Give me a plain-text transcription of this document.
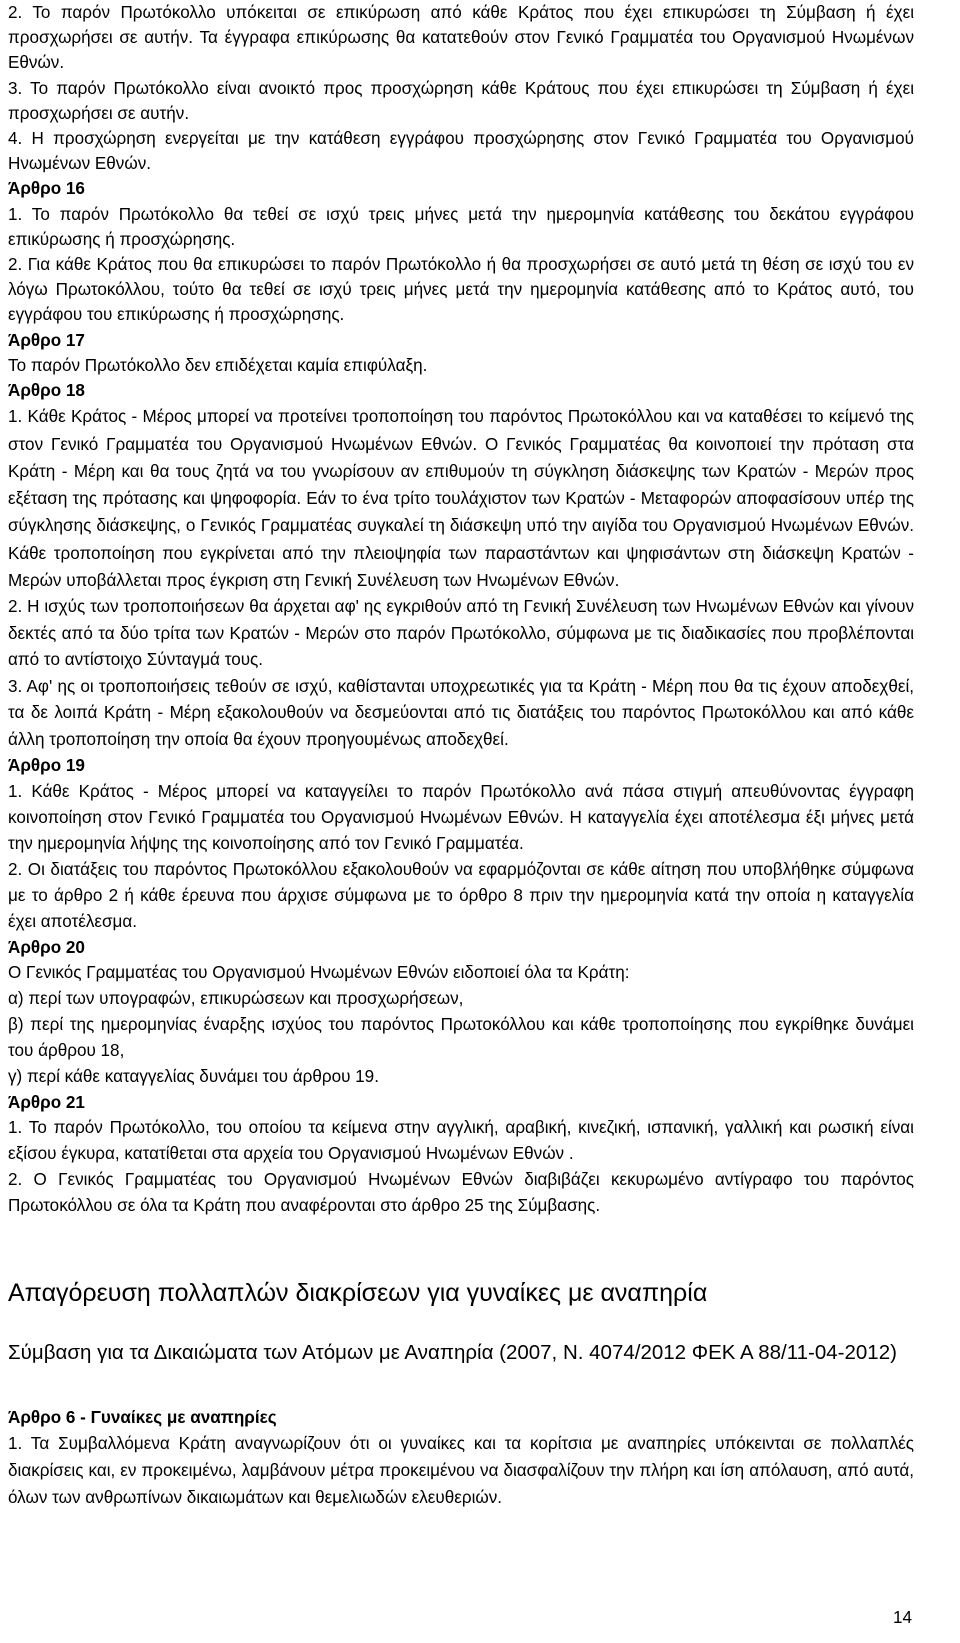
2. Το παρόν Πρωτόκολλο υπόκειται σε επικύρωση από κάθε Κράτος που έχει επικυρώσει τη Σύμβαση ή έχει προσχωρήσει σε αυτήν. Τα έγγραφα επικύρωσης θα κατατεθούν στον Γενικό Γραμματέα του Οργανισμού Ηνωμένων Εθνών.

3. Το παρόν Πρωτόκολλο είναι ανοικτό προς προσχώρηση κάθε Κράτους που έχει επικυρώσει τη Σύμβαση ή έχει προσχωρήσει σε αυτήν.

4. Η προσχώρηση ενεργείται με την κατάθεση εγγράφου προσχώρησης στον Γενικό Γραμματέα του Οργανισμού Ηνωμένων Εθνών.

Άρθρο 16

1. Το παρόν Πρωτόκολλο θα τεθεί σε ισχύ τρεις μήνες μετά την ημερομηνία κατάθεσης του δεκάτου εγγράφου επικύρωσης ή προσχώρησης.

2. Για κάθε Κράτος που θα επικυρώσει το παρόν Πρωτόκολλο ή θα προσχωρήσει σε αυτό μετά τη θέση σε ισχύ του εν λόγω Πρωτοκόλλου, τούτο θα τεθεί σε ισχύ τρεις μήνες μετά την ημερομηνία κατάθεσης από το Κράτος αυτό, του εγγράφου του επικύρωσης ή προσχώρησης.

Άρθρο 17

Το παρόν Πρωτόκολλο δεν επιδέχεται καμία επιφύλαξη.

Άρθρο 18

1. Κάθε Κράτος - Μέρος μπορεί να προτείνει τροποποίηση του παρόντος Πρωτοκόλλου και να καταθέσει το κείμενό της στον Γενικό Γραμματέα του Οργανισμού Ηνωμένων Εθνών. Ο Γενικός Γραμματέας θα κοινοποιεί την πρόταση στα Κράτη - Μέρη και θα τους ζητά να του γνωρίσουν αν επιθυμούν τη σύγκληση διάσκεψης των Κρατών - Μερών προς εξέταση της πρότασης και ψηφοφορία. Εάν το ένα τρίτο τουλάχιστον των Κρατών - Μεταφορών αποφασίσουν υπέρ της σύγκλησης διάσκεψης, ο Γενικός Γραμματέας συγκαλεί τη διάσκεψη υπό την αιγίδα του Οργανισμού Ηνωμένων Εθνών. Κάθε τροποποίηση που εγκρίνεται από την πλειοψηφία των παραστάντων και ψηφισάντων στη διάσκεψη Κρατών - Μερών υποβάλλεται προς έγκριση στη Γενική Συνέλευση των Ηνωμένων Εθνών.

2. Η ισχύς των τροποποιήσεων θα άρχεται αφ' ης εγκριθούν από τη Γενική Συνέλευση των Ηνωμένων Εθνών και γίνουν δεκτές από τα δύο τρίτα των Κρατών - Μερών στο παρόν Πρωτόκολλο, σύμφωνα με τις διαδικασίες που προβλέπονται από το αντίστοιχο Σύνταγμά τους.

3. Αφ' ης οι τροποποιήσεις τεθούν σε ισχύ, καθίστανται υποχρεωτικές για τα Κράτη - Μέρη που θα τις έχουν αποδεχθεί, τα δε λοιπά Κράτη - Μέρη εξακολουθούν να δεσμεύονται από τις διατάξεις του παρόντος Πρωτοκόλλου και από κάθε άλλη τροποποίηση την οποία θα έχουν προηγουμένως αποδεχθεί.

Άρθρο 19

1. Κάθε Κράτος - Μέρος μπορεί να καταγγείλει το παρόν Πρωτόκολλο ανά πάσα στιγμή απευθύνοντας έγγραφη κοινοποίηση στον Γενικό Γραμματέα του Οργανισμού Ηνωμένων Εθνών. Η καταγγελία έχει αποτέλεσμα έξι μήνες μετά την ημερομηνία λήψης της κοινοποίησης από τον Γενικό Γραμματέα.

2. Οι διατάξεις του παρόντος Πρωτοκόλλου εξακολουθούν να εφαρμόζονται σε κάθε αίτηση που υποβλήθηκε σύμφωνα με το άρθρο 2 ή κάθε έρευνα που άρχισε σύμφωνα με το όρθρο 8 πριν την ημερομηνία κατά την οποία η καταγγελία έχει αποτέλεσμα.

Άρθρο 20

Ο Γενικός Γραμματέας του Οργανισμού Ηνωμένων Εθνών ειδοποιεί όλα τα Κράτη:

α) περί των υπογραφών, επικυρώσεων και προσχωρήσεων,

β) περί της ημερομηνίας έναρξης ισχύος του παρόντος Πρωτοκόλλου και κάθε τροποποίησης που εγκρίθηκε δυνάμει του άρθρου 18,

γ) περί κάθε καταγγελίας δυνάμει του άρθρου 19.

Άρθρο 21

1. Το παρόν Πρωτόκολλο, του οποίου τα κείμενα στην αγγλική, αραβική, κινεζική, ισπανική, γαλλική και ρωσική είναι εξίσου έγκυρα, κατατίθεται στα αρχεία του Οργανισμού Ηνωμένων Εθνών .

2. Ο Γενικός Γραμματέας του Οργανισμού Ηνωμένων Εθνών διαβιβάζει κεκυρωμένο αντίγραφο του παρόντος Πρωτοκόλλου σε όλα τα Κράτη που αναφέρονται στο άρθρο 25 της Σύμβασης.

Απαγόρευση πολλαπλών διακρίσεων για γυναίκες με αναπηρία

Σύμβαση για τα Δικαιώματα των Ατόμων με Αναπηρία (2007, Ν. 4074/2012 ΦΕΚ Α 88/11-04-2012)

Άρθρο 6 - Γυναίκες με αναπηρίες

1. Τα Συμβαλλόμενα Κράτη αναγνωρίζουν ότι οι γυναίκες και τα κορίτσια με αναπηρίες υπόκεινται σε πολλαπλές διακρίσεις και, εν προκειμένω, λαμβάνουν μέτρα προκειμένου να διασφαλίζουν την πλήρη και ίση απόλαυση, από αυτά, όλων των ανθρωπίνων δικαιωμάτων και θεμελιωδών ελευθεριών.

14
